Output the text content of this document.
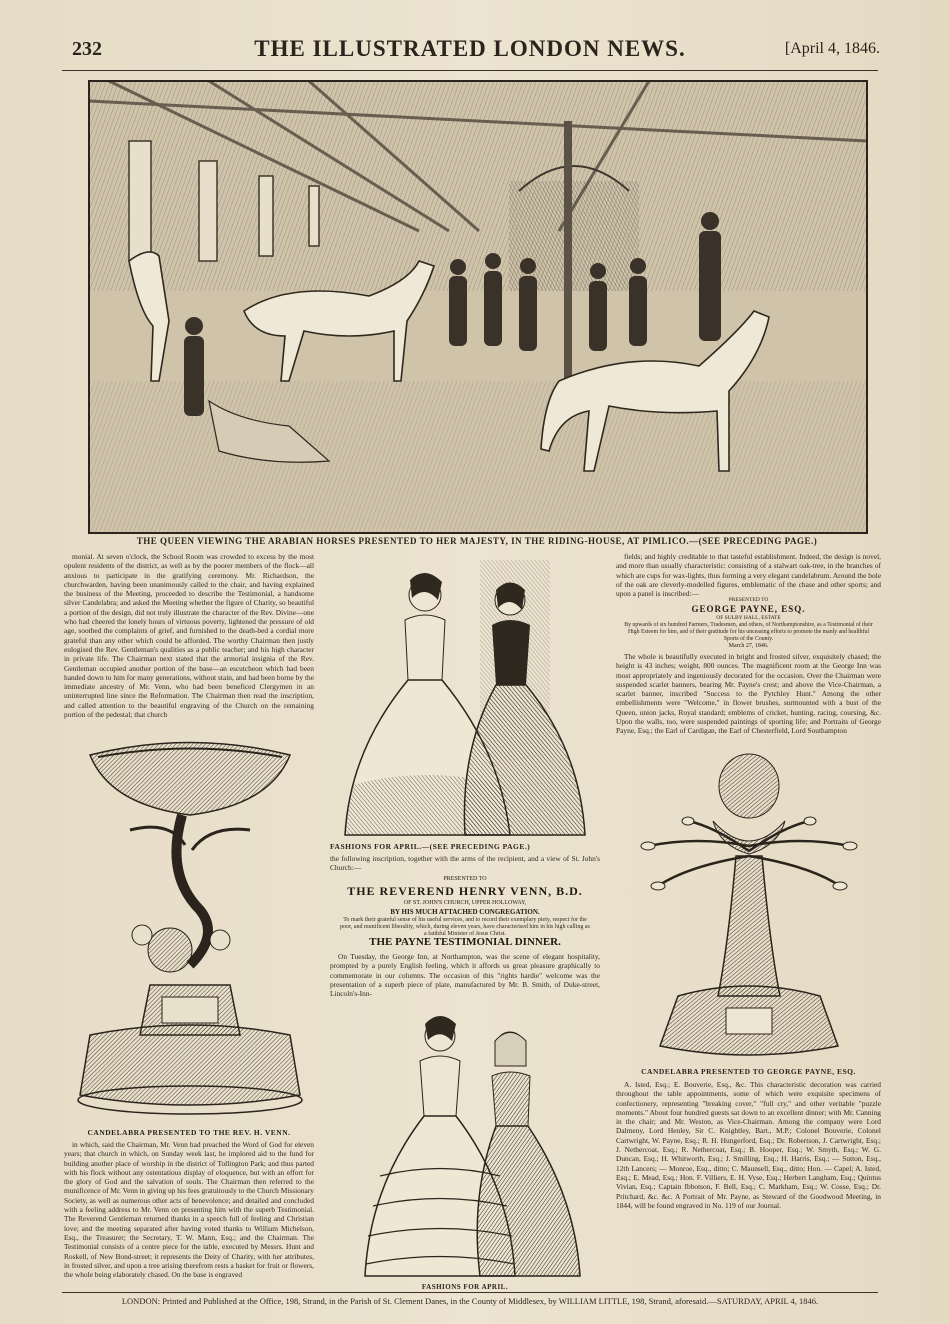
232	THE ILLUSTRATED LONDON NEWS.	[April 4, 1846.
THE QUEEN VIEWING THE ARABIAN HORSES PRESENTED TO HER MAJESTY, IN THE RIDING-HOUSE, AT PIMLICO.—(SEE PRECEDING PAGE.)

monial. At seven o'clock, the School Room was crowded to excess by the most opulent residents of the district, as well as by the poorer members of the flock—all anxious to participate in the gratifying ceremony. Mr. Richardson, the churchwarden, having been unanimously called to the chair, and having explained the business of the Meeting, proceeded to describe the Testimonial, a handsome silver Candelabra; and asked the Meeting whether the figure of Charity, so beautiful a portion of the design, did not truly illustrate the character of the Rev. Divine—one who had cheered the lonely hours of virtuous poverty, lightened the pressure of old age, soothed the complaints of grief, and furnished to the death-bed a cordial more grateful than any other which could be afforded. The worthy Chairman then justly eulogised the Rev. Gentleman's qualities as a public teacher; and his high character in private life. The Chairman next stated that the armorial insignia of the Rev. Gentleman occupied another portion of the base—an escutcheon which had been handed down to him for many generations, without stain, and had been borne by the immediate ancestry of Mr. Venn, who had been beneficed Clergymen in an uninterrupted line since the Reformation. The Chairman then read the inscription, and called attention to the beautiful engraving of the Church on the remaining portion of the pedestal; that church

CANDELABRA PRESENTED TO THE REV. H. VENN.

in which, said the Chairman, Mr. Venn had preached the Word of God for eleven years; that church in which, on Sunday week last, he implored aid to the fund for building another place of worship in the district of Tollington Park; and thus parted with his flock without any ostentatious display of eloquence, but with an effort for the glory of God and the salvation of souls. The Chairman then referred to the munificence of Mr. Venn in giving up his fees gratuitously to the Church Missionary Society, as well as numerous other acts of benevolence; and detailed and concluded with a feeling address to Mr. Venn on presenting him with the superb Testimonial. The Reverend Gentleman returned thanks in a speech full of feeling and Christian love; and the meeting separated after having voted thanks to William Michelson, Esq., the Treasurer; the Secretary, T. W. Mann, Esq.; and the Chairman. The Testimonial consists of a centre piece for the table, executed by Messrs. Hunt and Roskell, of New Bond-street; it represents the Deity of Charity, with her attributes, in frosted silver, and upon a tree arising therefrom rests a basket for fruit or flowers, the whole being elaborately chased. On the base is engraved

FASHIONS FOR APRIL.—(SEE PRECEDING PAGE.)

the following inscription, together with the arms of the recipient, and a view of St. John's Church:—

PRESENTED TO
THE REVEREND HENRY VENN, B.D.
OF ST. JOHN'S CHURCH, UPPER HOLLOWAY,
BY HIS MUCH ATTACHED CONGREGATION.
To mark their grateful sense of his useful services, and to record their exemplary piety, respect for the poor, and munificent liberality, which, during eleven years, have characterised him in his high calling as a faithful Minister of Jesus Christ.
THE PAYNE TESTIMONIAL DINNER.

On Tuesday, the George Inn, at Northampton, was the scene of elegant hospitality, prompted by a purely English feeling, which it affords us great pleasure graphically to commemorate in our columns. The occasion of this "rights hardie" welcome was the presentation of a superb piece of plate, manufactured by Mr. B. Smith, of Duke-street, Lincoln's-Inn-

FASHIONS FOR APRIL.

fields; and highly creditable to that tasteful establishment. Indeed, the design is novel, and more than usually characteristic: consisting of a stalwart oak-tree, in the branches of which are cups for wax-lights, thus forming a very elegant candelabrum. Around the bole of the oak are cleverly-modelled figures, emblematic of the chase and other sports; and upon a panel is inscribed:—

PRESENTED TO
GEORGE PAYNE, ESQ.
OF SULBY HALL, ESTATE
By upwards of six hundred Farmers, Tradesmen, and others, of Northamptonshire, as a Testimonial of their High Esteem for him, and of their gratitude for his unceasing efforts to promote the manly and healthful Sports of the County.
March 27, 1846.

The whole is beautifully executed in bright and frosted silver, exquisitely chased; the height is 43 inches; weight, 800 ounces. The magnificent room at the George Inn was most appropriately and ingeniously decorated for the occasion. Over the Chairman were suspended scarlet banners, bearing Mr. Payne's crest; and above the Vice-Chairman, a scarlet banner, inscribed "Success to the Pytchley Hunt." Among the other embellishments were "Welcome," in flower brushes, surmounted with a bust of the Queen, union jacks, Royal standard; emblems of cricket, hunting, racing, coursing, &c. Upon the walls, too, were suspended paintings of sporting life; and Portraits of George Payne, Esq.; the Earl of Cardigan, the Earl of Chesterfield, Lord Southampton

CANDELABRA PRESENTED TO GEORGE PAYNE, ESQ.

A. Isted, Esq.; E. Bouverie, Esq., &c. This characteristic decoration was carried throughout the table appointments, some of which were exquisite specimens of confectionery, representing "breaking cover," "full cry," and other veritable "puzzle moments." About four hundred guests sat down to an excellent dinner; with Mr. Canning in the chair; and Mr. Weston, as Vice-Chairman. Among the company were Lord Dalmeny, Lord Henley, Sir C. Knightley, Bart., M.P.; Colonel Bouverie, Colonel Cartwright, W. Payne, Esq.; R. H. Hungerford, Esq.; Dr. Robertson, J. Cartwright, Esq.; J. Nethercoat, Esq.; R. Nethercoat, Esq.; B. Hooper, Esq.; W. Smyth, Esq.; W. G. Duncan, Esq.; H. Whitworth, Esq.; J. Smilling, Esq.; H. Harris, Esq.; — Sutton, Esq., 12th Lancers; — Monroe, Esq., ditto; C. Maunsell, Esq., ditto; Hon. — Capel; A. Isted, Esq.; E. Mead, Esq.; Hon. F. Villiers, E. H. Vyse, Esq.; Herbert Langham, Esq.; Quintus Vivian, Esq.; Captain Ibbotson, F. Bell, Esq.; C. Markham, Esq.; W. Cosse, Esq.; Dr. Pritchard, &c. &c. A Portrait of Mr. Payne, as Steward of the Goodwood Meeting, in 1844, will be found engraved in No. 119 of our Journal.

LONDON: Printed and Published at the Office, 198, Strand, in the Parish of St. Clement Danes, in the County of Middlesex, by WILLIAM LITTLE, 198, Strand, aforesaid.—SATURDAY, APRIL 4, 1846.
